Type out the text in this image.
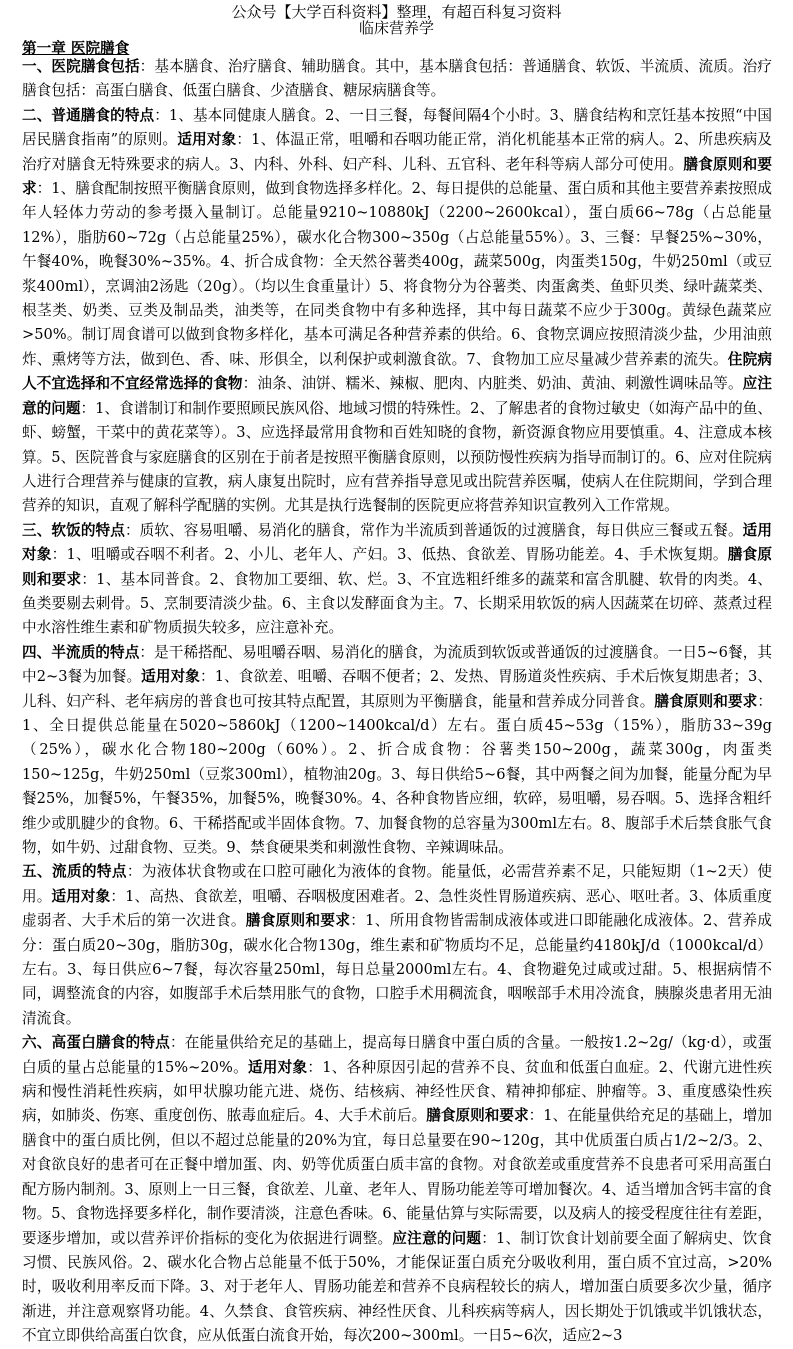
公众号【大学百科资料】整理，有超百科复习资料
临床营养学
第一章 医院膳食

一、医院膳食包括：基本膳食、治疗膳食、辅助膳食。其中，基本膳食包括：普通膳食、软饭、半流质、流质。治疗膳食包括：高蛋白膳食、低蛋白膳食、少渣膳食、糖尿病膳食等。

二、普通膳食的特点：1、基本同健康人膳食。2、一日三餐，每餐间隔4个小时。3、膳食结构和烹饪基本按照“中国居民膳食指南”的原则。适用对象：1、体温正常，咀嚼和吞咽功能正常，消化机能基本正常的病人。2、所患疾病及治疗对膳食无特殊要求的病人。3、内科、外科、妇产科、儿科、五官科、老年科等病人部分可使用。膳食原则和要求：1、膳食配制按照平衡膳食原则，做到食物选择多样化。2、每日提供的总能量、蛋白质和其他主要营养素按照成年人轻体力劳动的参考摄入量制订。总能量9210~10880kJ（2200~2600kcal），蛋白质66~78g（占总能量12%），脂肪60~72g（占总能量25%），碳水化合物300~350g（占总能量55%）。3、三餐：早餐25%~30%，午餐40%，晚餐30%~35%。4、折合成食物：全天然谷薯类400g，蔬菜500g，肉蛋类150g，牛奶250ml（或豆浆400ml），烹调油2汤匙（20g）。（均以生食重量计）5、将食物分为谷薯类、肉蛋禽类、鱼虾贝类、绿叶蔬菜类、根茎类、奶类、豆类及制品类，油类等，在同类食物中有多种选择，其中每日蔬菜不应少于300g。黄绿色蔬菜应>50%。制订周食谱可以做到食物多样化，基本可满足各种营养素的供给。6、食物烹调应按照清淡少盐，少用油煎炸、熏烤等方法，做到色、香、味、形俱全，以利保护或刺激食欲。7、食物加工应尽量减少营养素的流失。住院病人不宜选择和不宜经常选择的食物：油条、油饼、糯米、辣椒、肥肉、内脏类、奶油、黄油、刺激性调味品等。应注意的问题：1、食谱制订和制作要照顾民族风俗、地域习惯的特殊性。2、了解患者的食物过敏史（如海产品中的鱼、虾、螃蟹，干菜中的黄花菜等）。3、应选择最常用食物和百姓知晓的食物，新资源食物应用要慎重。4、注意成本核算。5、医院普食与家庭膳食的区别在于前者是按照平衡膳食原则，以预防慢性疾病为指导而制订的。6、应对住院病人进行合理营养与健康的宣教，病人康复出院时，应有营养指导意见或出院营养医嘱，使病人在住院期间，学到合理营养的知识，直观了解科学配膳的实例。尤其是执行选餐制的医院更应将营养知识宣教列入工作常规。

三、软饭的特点：质软、容易咀嚼、易消化的膳食，常作为半流质到普通饭的过渡膳食，每日供应三餐或五餐。适用对象：1、咀嚼或吞咽不利者。2、小儿、老年人、产妇。3、低热、食欲差、胃肠功能差。4、手术恢复期。膳食原则和要求：1、基本同普食。2、食物加工要细、软、烂。3、不宜选粗纤维多的蔬菜和富含肌腱、软骨的肉类。4、鱼类要剔去刺骨。5、烹制要清淡少盐。6、主食以发酵面食为主。7、长期采用软饭的病人因蔬菜在切碎、蒸煮过程中水溶性维生素和矿物质损失较多，应注意补充。

四、半流质的特点：是干稀搭配、易咀嚼吞咽、易消化的膳食，为流质到软饭或普通饭的过渡膳食。一日5~6餐，其中2~3餐为加餐。适用对象：1、食欲差、咀嚼、吞咽不便者；2、发热、胃肠道炎性疾病、手术后恢复期患者；3、儿科、妇产科、老年病房的普食也可按其特点配置，其原则为平衡膳食，能量和营养成分同普食。膳食原则和要求：1、全日提供总能量在5020~5860kJ（1200~1400kcal/d）左右。蛋白质45~53g（15%），脂肪33~39g（25%），碳水化合物180~200g（60%）。2、折合成食物：谷薯类150~200g，蔬菜300g，肉蛋类150~125g，牛奶250ml（豆浆300ml），植物油20g。3、每日供给5~6餐，其中两餐之间为加餐，能量分配为早餐25%，加餐5%，午餐35%，加餐5%，晚餐30%。4、各种食物皆应细，软碎，易咀嚼，易吞咽。5、选择含粗纤维少或肌腱少的食物。6、干稀搭配或半固体食物。7、加餐食物的总容量为300ml左右。8、腹部手术后禁食胀气食物，如牛奶、过甜食物、豆类。9、禁食硬果类和刺激性食物、辛辣调味品。

五、流质的特点：为液体状食物或在口腔可融化为液体的食物。能量低，必需营养素不足，只能短期（1~2天）使用。适用对象：1、高热、食欲差，咀嚼、吞咽极度困难者。2、急性炎性胃肠道疾病、恶心、呕吐者。3、体质重度虚弱者、大手术后的第一次进食。膳食原则和要求：1、所用食物皆需制成液体或进口即能融化成液体。2、营养成分：蛋白质20~30g，脂肪30g，碳水化合物130g，维生素和矿物质均不足，总能量约4180kJ/d（1000kcal/d）左右。3、每日供应6~7餐，每次容量250ml，每日总量2000ml左右。4、食物避免过咸或过甜。5、根据病情不同，调整流食的内容，如腹部手术后禁用胀气的食物，口腔手术用稠流食，咽喉部手术用冷流食，胰腺炎患者用无油清流食。

六、高蛋白膳食的特点：在能量供给充足的基础上，提高每日膳食中蛋白质的含量。一般按1.2~2g/（kg·d），或蛋白质的量占总能量的15%~20%。适用对象：1、各种原因引起的营养不良、贫血和低蛋白血症。2、代谢亢进性疾病和慢性消耗性疾病，如甲状腺功能亢进、烧伤、结核病、神经性厌食、精神抑郁症、肿瘤等。3、重度感染性疾病，如肺炎、伤寒、重度创伤、脓毒血症后。4、大手术前后。膳食原则和要求：1、在能量供给充足的基础上，增加膳食中的蛋白质比例，但以不超过总能量的20%为宜，每日总量要在90~120g，其中优质蛋白质占1/2~2/3。2、对食欲良好的患者可在正餐中增加蛋、肉、奶等优质蛋白质丰富的食物。对食欲差或重度营养不良患者可采用高蛋白配方肠内制剂。3、原则上一日三餐，食欲差、儿童、老年人、胃肠功能差等可增加餐次。4、适当增加含钙丰富的食物。5、食物选择要多样化，制作要清淡，注意色香味。6、能量估算与实际需要，以及病人的接受程度往往有差距，要逐步增加，或以营养评价指标的变化为依据进行调整。应注意的问题：1、制订饮食计划前要全面了解病史、饮食习惯、民族风俗。2、碳水化合物占总能量不低于50%，才能保证蛋白质充分吸收利用，蛋白质不宜过高，>20%时，吸收利用率反而下降。3、对于老年人、胃肠功能差和营养不良病程较长的病人，增加蛋白质要多次少量，循序渐进，并注意观察肾功能。4、久禁食、食管疾病、神经性厌食、儿科疾病等病人，因长期处于饥饿或半饥饿状态，不宜立即供给高蛋白饮食，应从低蛋白流食开始，每次200~300ml。一日5~6次，适应2~3
